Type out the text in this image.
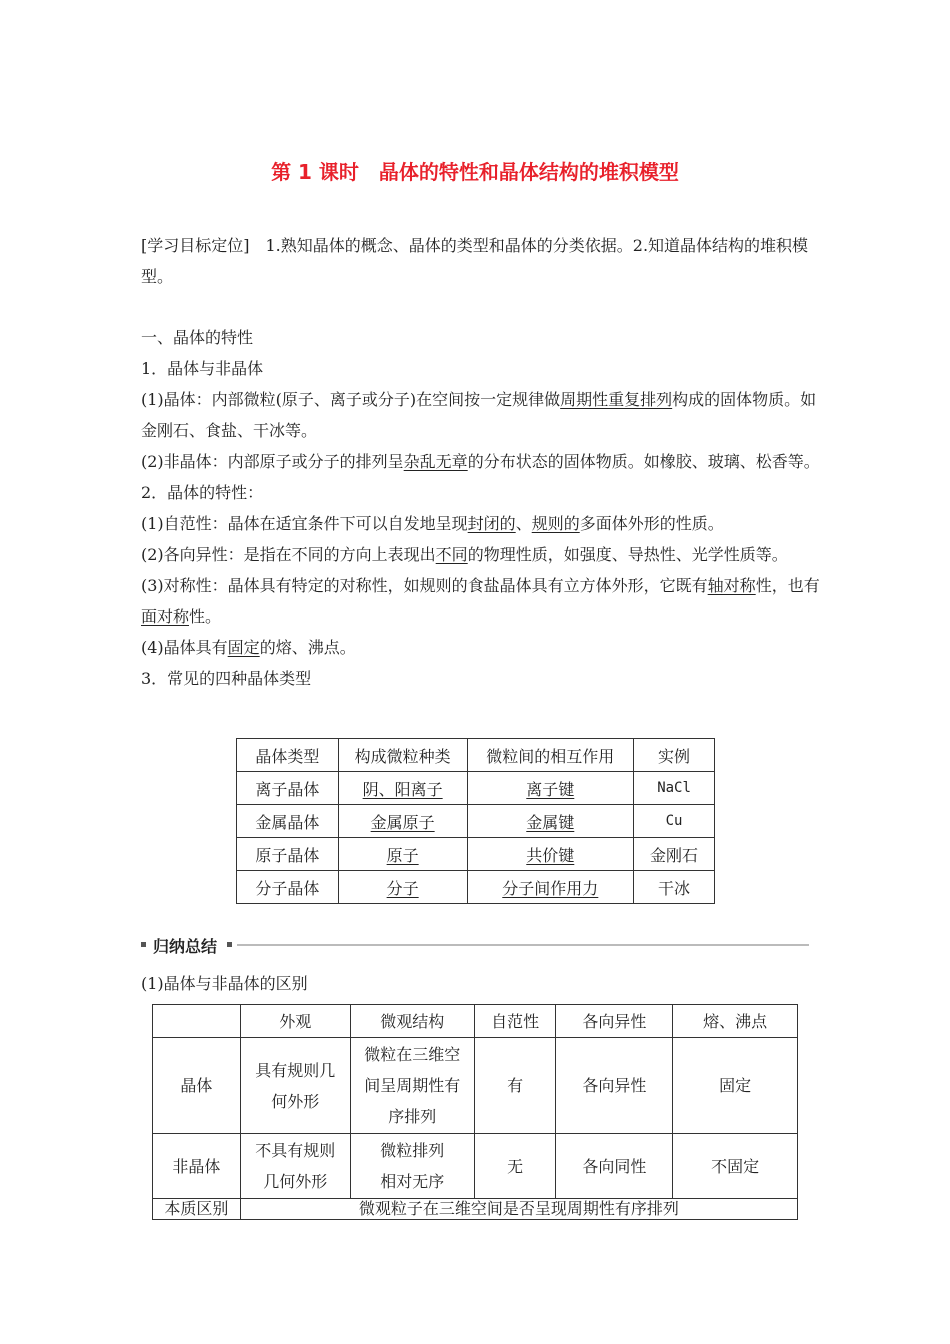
第 1 课时　晶体的特性和晶体结构的堆积模型

[学习目标定位]　1.熟知晶体的概念、晶体的类型和晶体的分类依据。2.知道晶体结构的堆积模型。

一、晶体的特性
1．晶体与非晶体
(1)晶体：内部微粒(原子、离子或分子)在空间按一定规律做周期性重复排列构成的固体物质。如金刚石、食盐、干冰等。
(2)非晶体：内部原子或分子的排列呈杂乱无章的分布状态的固体物质。如橡胶、玻璃、松香等。
2．晶体的特性：
(1)自范性：晶体在适宜条件下可以自发地呈现封闭的、规则的多面体外形的性质。
(2)各向异性：是指在不同的方向上表现出不同的物理性质，如强度、导热性、光学性质等。
(3)对称性：晶体具有特定的对称性，如规则的食盐晶体具有立方体外形，它既有轴对称性，也有面对称性。
(4)晶体具有固定的熔、沸点。
3．常见的四种晶体类型
晶体类型	构成微粒种类	微粒间的相互作用	实例
离子晶体	阴、阳离子	离子键	NaCl
金属晶体	金属原子	金属键	Cu
原子晶体	原子	共价键	金刚石
分子晶体	分子	分子间作用力	干冰
归纳总结
(1)晶体与非晶体的区别
	外观	微观结构	自范性	各向异性	熔、沸点
晶体	具有规则几何外形	微粒在三维空间呈周期性有序排列	有	各向异性	固定
非晶体	不具有规则几何外形	微粒排列相对无序	无	各向同性	不固定
本质区别	微观粒子在三维空间是否呈现周期性有序排列				
